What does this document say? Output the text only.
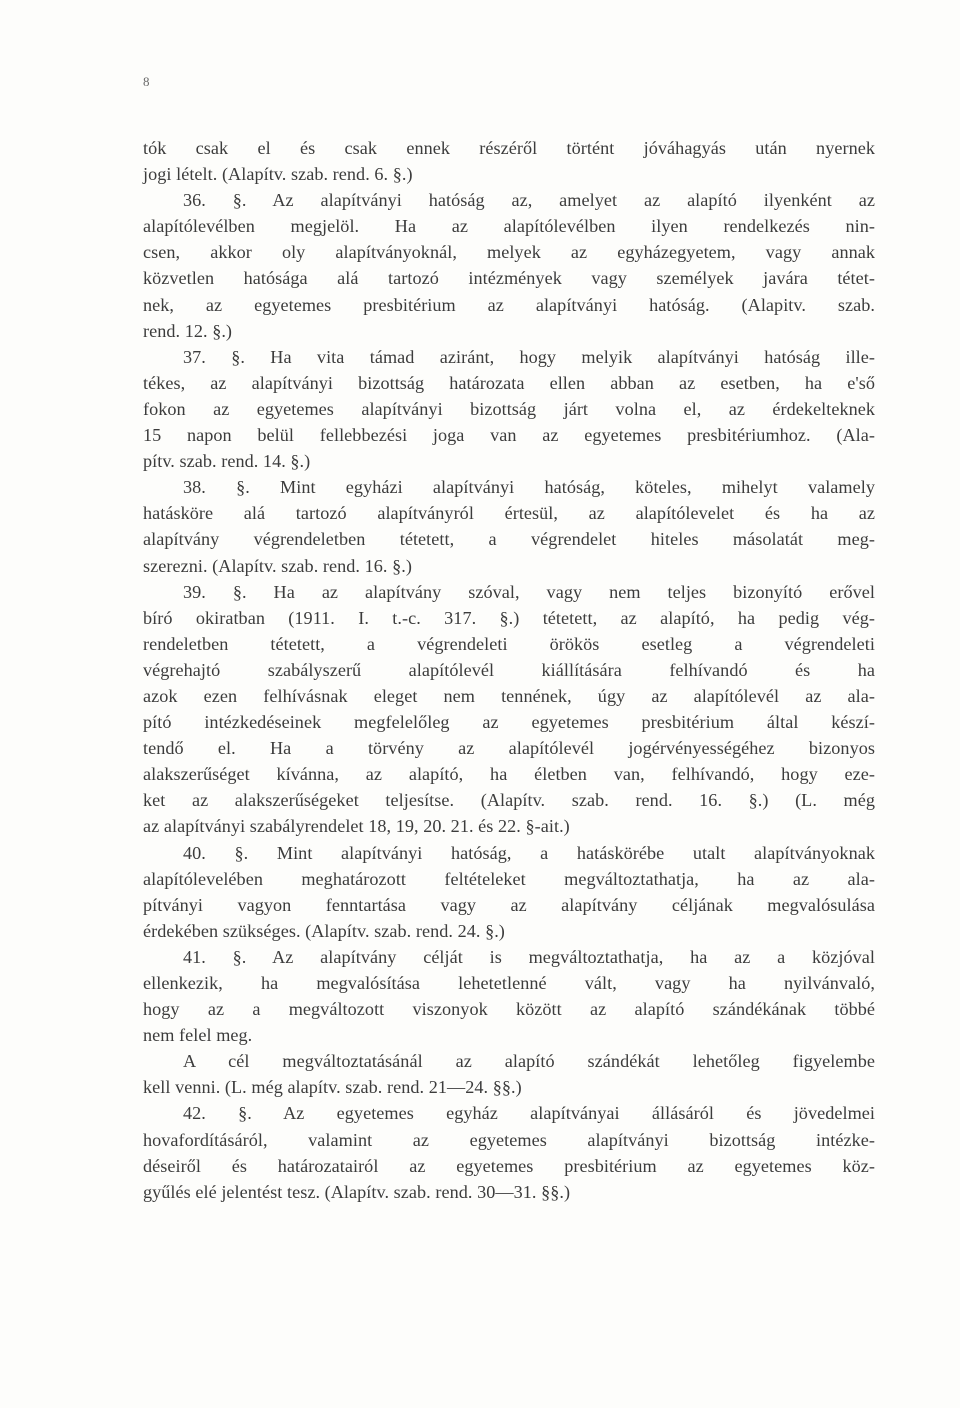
8
tók csak el és csak ennek részéről történt jóváhagyás után nyernek
jogi lételt. (Alapítv. szab. rend. 6. §.)
36. §. Az alapítványi hatóság az, amelyet az alapító ilyenként az
alapítólevélben megjelöl. Ha az alapítólevélben ilyen rendelkezés nin-
csen, akkor oly alapítványoknál, melyek az egyházegyetem, vagy annak
közvetlen hatósága alá tartozó intézmények vagy személyek javára tétet-
nek, az egyetemes presbitérium az alapítványi hatóság. (Alapitv. szab.
rend. 12. §.)
37. §. Ha vita támad aziránt, hogy melyik alapítványi hatóság ille-
tékes, az alapítványi bizottság határozata ellen abban az esetben, ha e'ső
fokon az egyetemes alapítványi bizottság járt volna el, az érdekelteknek
15 napon belül fellebbezési joga van az egyetemes presbitériumhoz. (Ala-
pítv. szab. rend. 14. §.)
38. §. Mint egyházi alapítványi hatóság, köteles, mihelyt valamely
hatásköre alá tartozó alapítványról értesül, az alapítólevelet és ha az
alapítvány végrendeletben tétetett, a végrendelet hiteles másolatát meg-
szerezni. (Alapítv. szab. rend. 16. §.)
39. §. Ha az alapítvány szóval, vagy nem teljes bizonyító erővel
bíró okiratban (1911. I. t.-c. 317. §.) tétetett, az alapító, ha pedig vég-
rendeletben tétetett, a végrendeleti örökös esetleg a végrendeleti
végrehajtó szabályszerű alapítólevél kiállítására felhívandó és ha
azok ezen felhívásnak eleget nem tennének, úgy az alapítólevél az ala-
pító intézkedéseinek megfelelőleg az egyetemes presbitérium által készí-
tendő el. Ha a törvény az alapítólevél jogérvényességéhez bizonyos
alakszerűséget kívánna, az alapító, ha életben van, felhívandó, hogy eze-
ket az alakszerűségeket teljesítse. (Alapítv. szab. rend. 16. §.) (L. még
az alapítványi szabályrendelet 18, 19, 20. 21. és 22. §-ait.)
40. §. Mint alapítványi hatóság, a hatáskörébe utalt alapítványoknak
alapítólevelében meghatározott feltételeket megváltoztathatja, ha az ala-
pítványi vagyon fenntartása vagy az alapítvány céljának megvalósulása
érdekében szükséges. (Alapítv. szab. rend. 24. §.)
41. §. Az alapítvány célját is megváltoztathatja, ha az a közjóval
ellenkezik, ha megvalósítása lehetetlenné vált, vagy ha nyilvánvaló,
hogy az a megváltozott viszonyok között az alapító szándékának többé
nem felel meg.
A cél megváltoztatásánál az alapító szándékát lehetőleg figyelembe
kell venni. (L. még alapítv. szab. rend. 21—24. §§.)
42. §. Az egyetemes egyház alapítványai állásáról és jövedelmei
hovafordításáról, valamint az egyetemes alapítványi bizottság intézke-
déseiről és határozatairól az egyetemes presbitérium az egyetemes köz-
gyűlés elé jelentést tesz. (Alapítv. szab. rend. 30—31. §§.)
